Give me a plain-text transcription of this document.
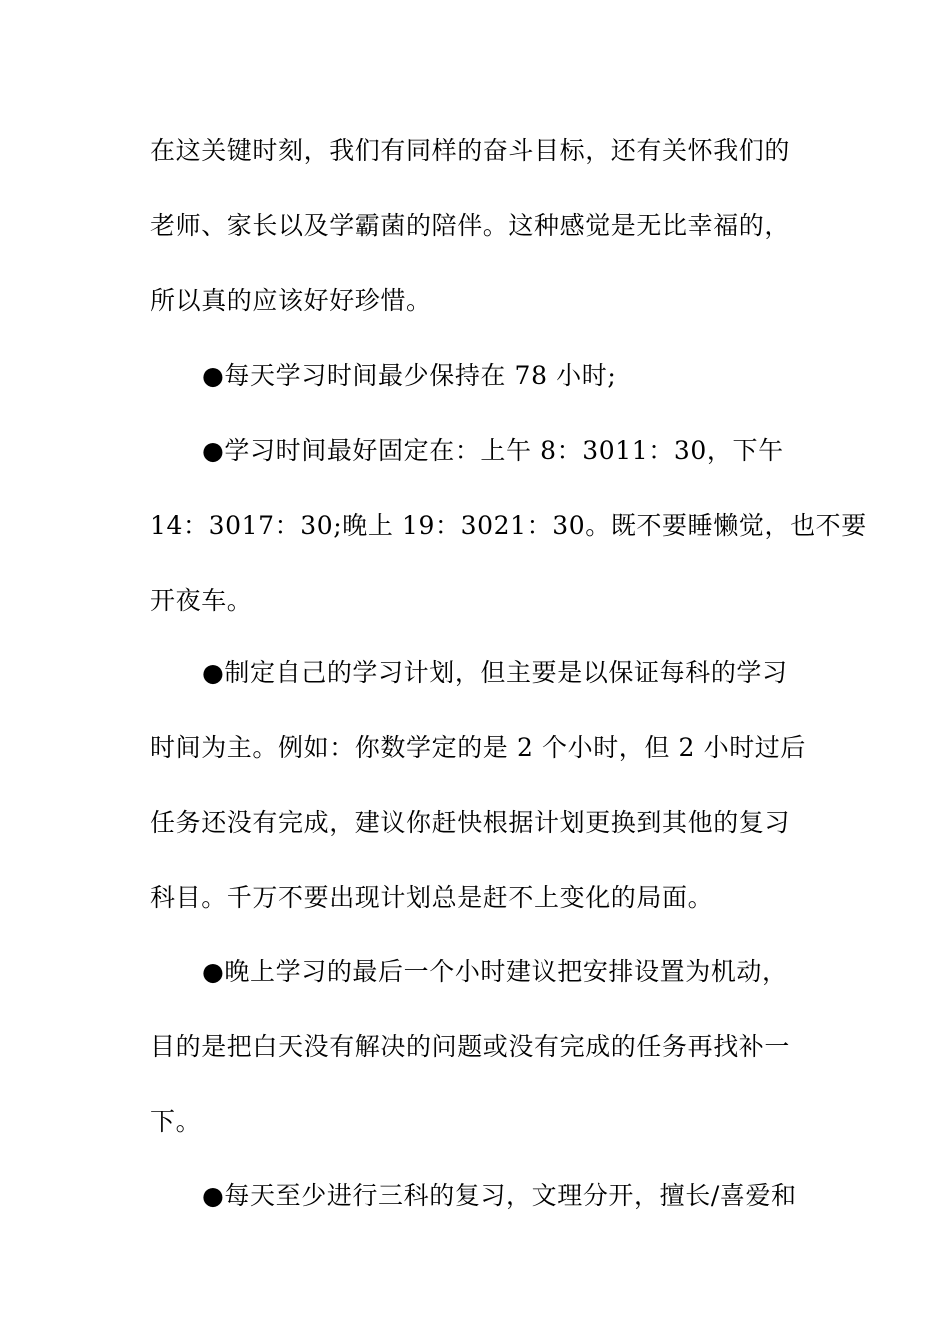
在这关键时刻，我们有同样的奋斗目标，还有关怀我们的
老师、家长以及学霸菌的陪伴。这种感觉是无比幸福的，
所以真的应该好好珍惜。
●每天学习时间最少保持在 78 小时;
●学习时间最好固定在：上午 8：3011：30，下午
14：3017：30;晚上 19：3021：30。既不要睡懒觉，也不要
开夜车。
●制定自己的学习计划，但主要是以保证每科的学习
时间为主。例如：你数学定的是 2 个小时，但 2 小时过后
任务还没有完成，建议你赶快根据计划更换到其他的复习
科目。千万不要出现计划总是赶不上变化的局面。
●晚上学习的最后一个小时建议把安排设置为机动，
目的是把白天没有解决的问题或没有完成的任务再找补一
下。
●每天至少进行三科的复习，文理分开，擅长/喜爱和
